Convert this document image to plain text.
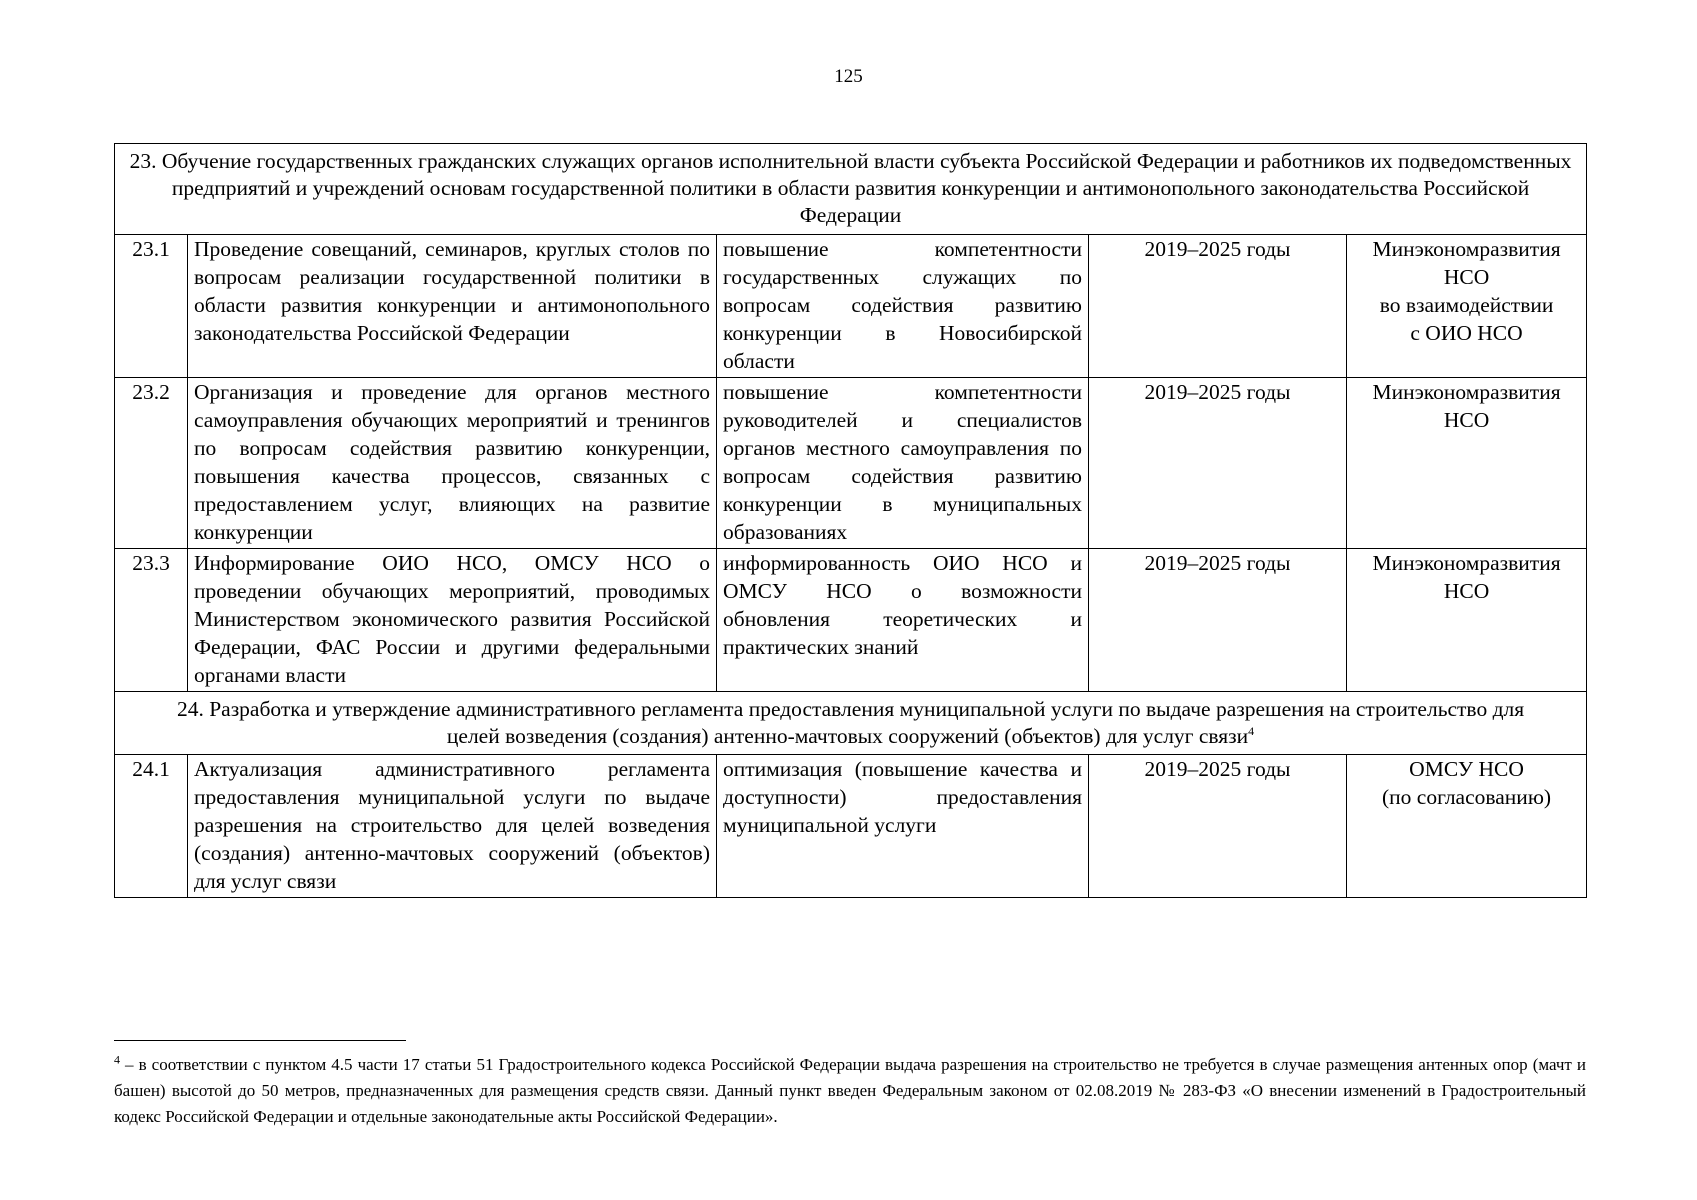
125
23. Обучение государственных гражданских служащих органов исполнительной власти субъекта Российской Федерации и работников их подведомственных предприятий и учреждений основам государственной политики в области развития конкуренции и антимонопольного законодательства Российской Федерации				
23.1	Проведение совещаний, семинаров, круглых столов по вопросам реализации государственной политики в области развития конкуренции и антимонопольного законодательства Российской Федерации	повышение компетентности государственных служащих по вопросам содействия развитию конкуренции в Новосибирской области	2019–2025 годы	Минэкономразвития НСО
во взаимодействии
с ОИО НСО

23.2	Организация и проведение для органов местного самоуправления обучающих мероприятий и тренингов по вопросам содействия развитию конкуренции, повышения качества процессов, связанных с предоставлением услуг, влияющих на развитие конкуренции	повышение компетентности руководителей и специалистов органов местного самоуправления по вопросам содействия развитию конкуренции в муниципальных образованиях	2019–2025 годы	Минэкономразвития НСО

23.3	Информирование ОИО НСО, ОМСУ НСО о проведении обучающих мероприятий, проводимых Министерством экономического развития Российской Федерации, ФАС России и другими федеральными органами власти	информированность ОИО НСО и ОМСУ НСО о возможности обновления теоретических и практических знаний	2019–2025 годы	Минэкономразвития НСО

24. Разработка и утверждение административного регламента предоставления муниципальной услуги по выдаче разрешения на строительство для целей возведения (создания) антенно-мачтовых сооружений (объектов) для услуг связи$^4$
24.1	Актуализация административного регламента предоставления муниципальной услуги по выдаче разрешения на строительство для целей возведения (создания) антенно-мачтовых сооружений (объектов) для услуг связи	оптимизация (повышение качества и доступности) предоставления муниципальной услуги	2019–2025 годы	ОМСУ НСО
(по согласованию)
$^4$ – в соответствии с пунктом 4.5 части 17 статьи 51 Градостроительного кодекса Российской Федерации выдача разрешения на строительство не требуется в случае размещения антенных опор (мачт и башен) высотой до 50 метров, предназначенных для размещения средств связи. Данный пункт введен Федеральным законом от 02.08.2019 № 283-ФЗ «О внесении изменений в Градостроительный кодекс Российской Федерации и отдельные законодательные акты Российской Федерации».
